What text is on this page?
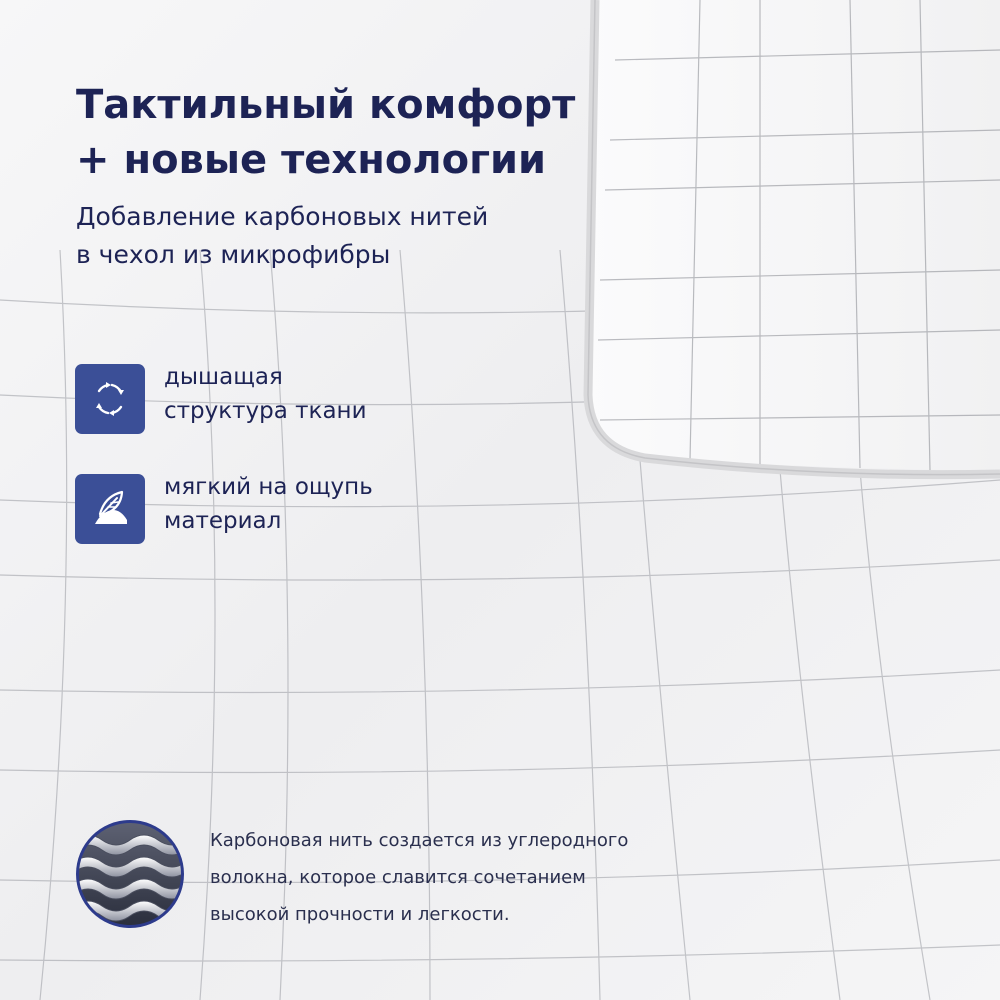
Тактильный комфорт
+ новые технологии

Добавление карбоновых нитей
в чехол из микрофибры

дышащая
структура ткани
мягкий на ощупь
материал
Карбоновая нить создается из углеродного
волокна, которое славится сочетанием
высокой прочности и легкости.
